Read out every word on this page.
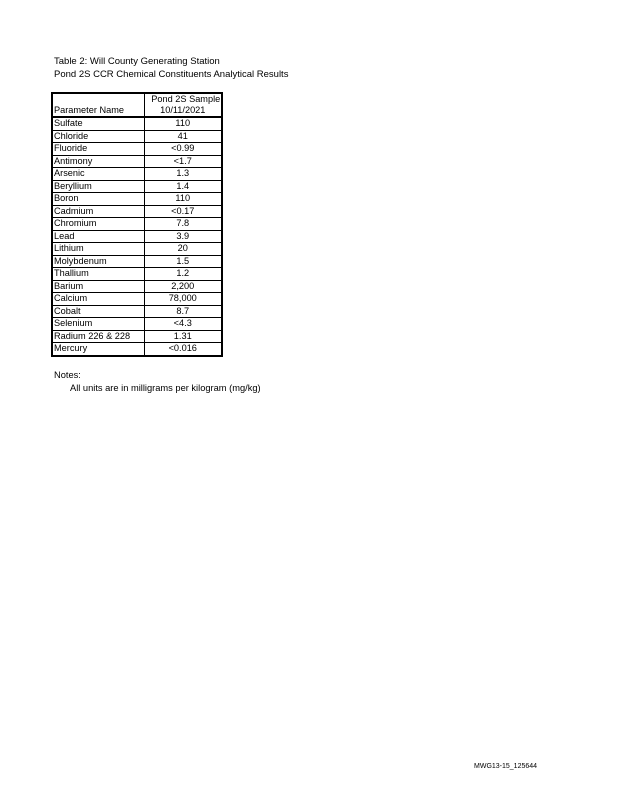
Table 2: Will County Generating Station
Pond 2S CCR Chemical Constituents Analytical Results
Parameter Name	Pond 2S Sample
10/11/2021
Sulfate	110
Chloride	41
Fluoride	<0.99
Antimony	<1.7
Arsenic	1.3
Beryllium	1.4
Boron	110
Cadmium	<0.17
Chromium	7.8
Lead	3.9
Lithium	20
Molybdenum	1.5
Thallium	1.2
Barium	2,200
Calcium	78,000
Cobalt	8.7
Selenium	<4.3
Radium 226 & 228	1.31
Mercury	<0.016
Notes:
All units are in milligrams per kilogram (mg/kg)
MWG13-15_125644
